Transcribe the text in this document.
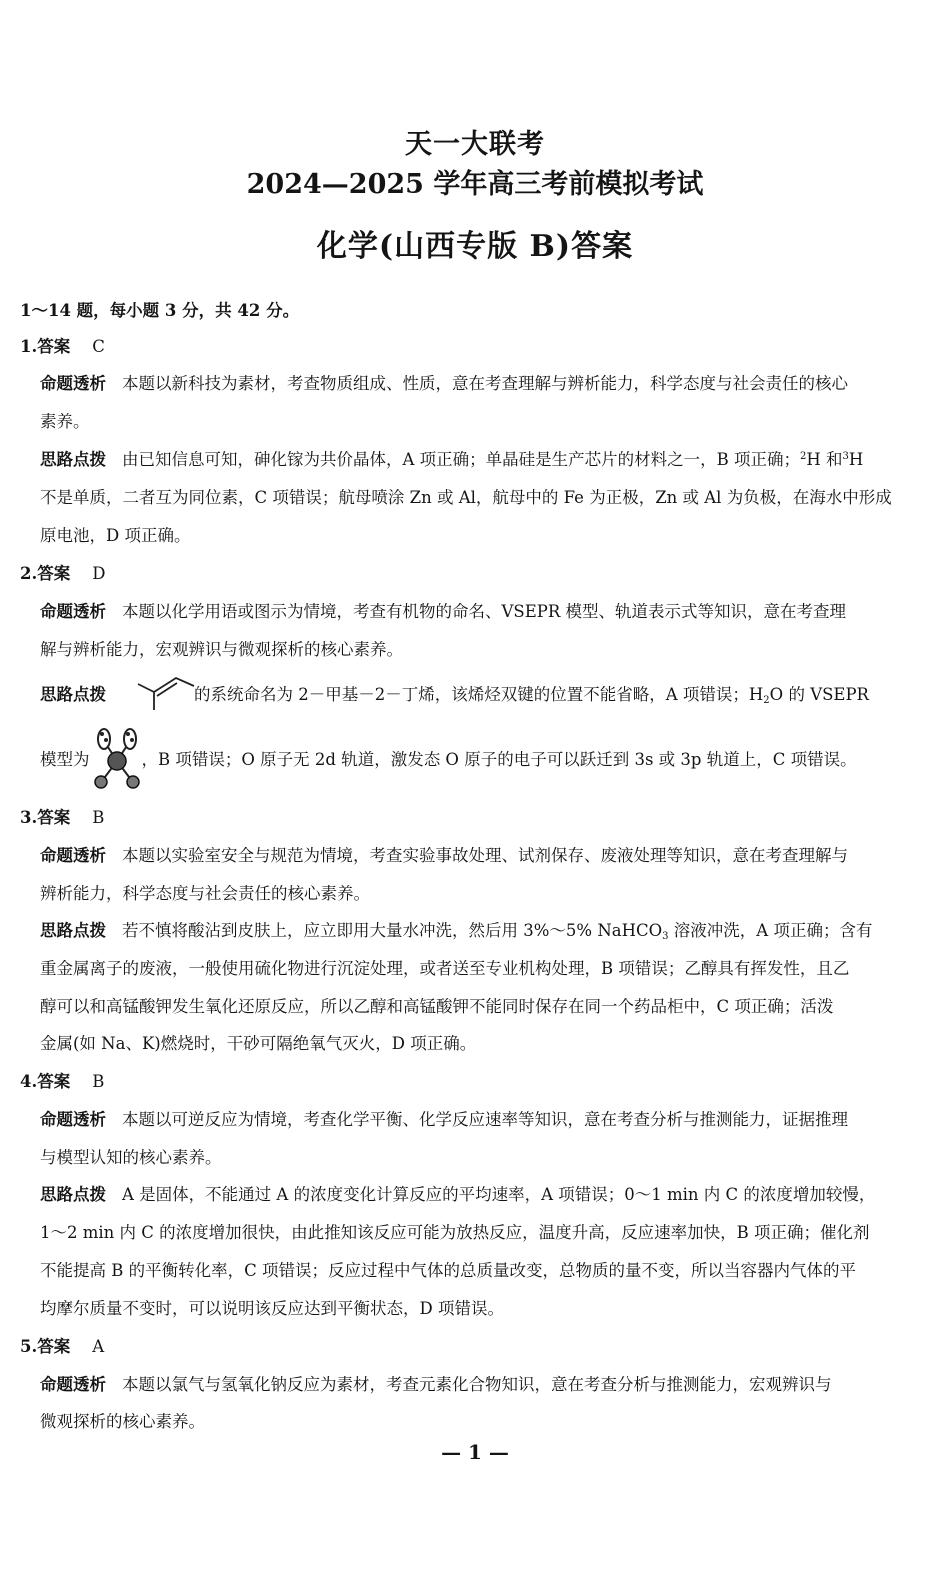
天一大联考
2024—2025 学年高三考前模拟考试
化学(山西专版 B)答案
1～14 题，每小题 3 分，共 42 分。
1.答案 C
命题透析 本题以新科技为素材，考查物质组成、性质，意在考查理解与辨析能力，科学态度与社会责任的核心
素养。
思路点拨 由已知信息可知，砷化镓为共价晶体，A 项正确；单晶硅是生产芯片的材料之一，B 项正确；$^2$H 和$^3$H
不是单质，二者互为同位素，C 项错误；航母喷涂 Zn 或 Al，航母中的 Fe 为正极，Zn 或 Al 为负极，在海水中形成
原电池，D 项正确。
2.答案 D
命题透析 本题以化学用语或图示为情境，考查有机物的命名、VSEPR 模型、轨道表示式等知识，意在考查理
解与辨析能力，宏观辨识与微观探析的核心素养。
思路点拨	的系统命名为 2－甲基－2－丁烯，该烯烃双键的位置不能省略，A 项错误；$H_2O$ 的 VSEPR
模型为	，B 项错误；O 原子无 2d 轨道，激发态 O 原子的电子可以跃迁到 3s 或 3p 轨道上，C 项错误。
3.答案 B
命题透析 本题以实验室安全与规范为情境，考查实验事故处理、试剂保存、废液处理等知识，意在考查理解与
辨析能力，科学态度与社会责任的核心素养。
思路点拨 若不慎将酸沾到皮肤上，应立即用大量水冲洗，然后用 3%～5% NaHCO$_3$ 溶液冲洗，A 项正确；含有
重金属离子的废液，一般使用硫化物进行沉淀处理，或者送至专业机构处理，B 项错误；乙醇具有挥发性，且乙
醇可以和高锰酸钾发生氧化还原反应，所以乙醇和高锰酸钾不能同时保存在同一个药品柜中，C 项正确；活泼
金属(如 Na、K)燃烧时，干砂可隔绝氧气灭火，D 项正确。
4.答案 B
命题透析 本题以可逆反应为情境，考查化学平衡、化学反应速率等知识，意在考查分析与推测能力，证据推理
与模型认知的核心素养。
思路点拨 A 是固体，不能通过 A 的浓度变化计算反应的平均速率，A 项错误；0～1 min 内 C 的浓度增加较慢，
1～2 min 内 C 的浓度增加很快，由此推知该反应可能为放热反应，温度升高，反应速率加快，B 项正确；催化剂
不能提高 B 的平衡转化率，C 项错误；反应过程中气体的总质量改变，总物质的量不变，所以当容器内气体的平
均摩尔质量不变时，可以说明该反应达到平衡状态，D 项错误。
5.答案 A
命题透析 本题以氯气与氢氧化钠反应为素材，考查元素化合物知识，意在考查分析与推测能力，宏观辨识与
微观探析的核心素养。
— 1 —
